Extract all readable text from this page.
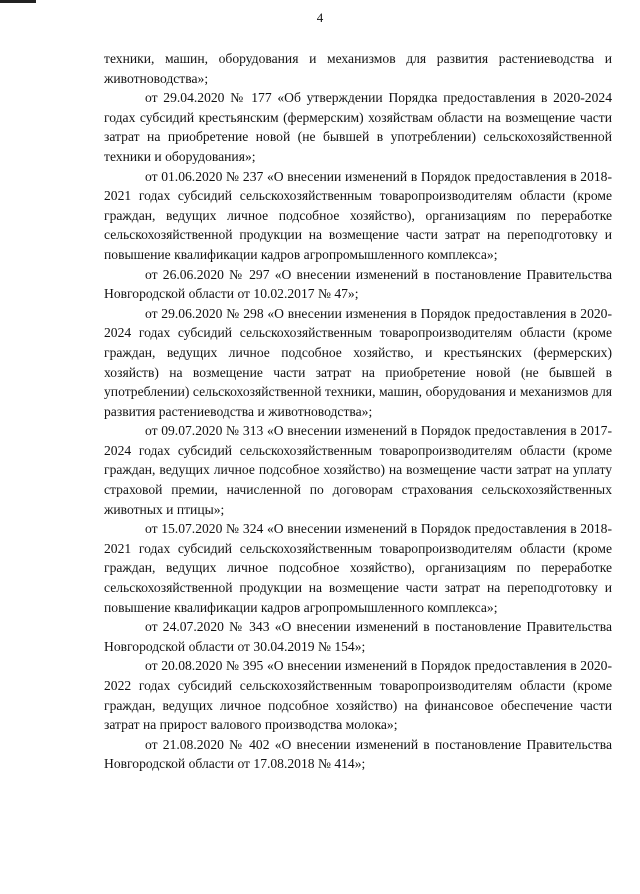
4

техники, машин, оборудования и механизмов для развития растениеводства и животноводства»;

от 29.04.2020 № 177 «Об утверждении Порядка предоставления в 2020-2024 годах субсидий крестьянским (фермерским) хозяйствам области на возмещение части затрат на приобретение новой (не бывшей в употреблении) сельскохозяйственной техники и оборудования»;

от 01.06.2020 № 237 «О внесении изменений в Порядок предоставления в 2018-2021 годах субсидий сельскохозяйственным товаропроизводителям области (кроме граждан, ведущих личное подсобное хозяйство), организациям по переработке сельскохозяйственной продукции на возмещение части затрат на переподготовку и повышение квалификации кадров агропромышленного комплекса»;

от 26.06.2020 № 297 «О внесении изменений в постановление Правительства Новгородской области от 10.02.2017 № 47»;

от 29.06.2020 № 298 «О внесении изменения в Порядок предоставления в 2020-2024 годах субсидий сельскохозяйственным товаропроизводителям области (кроме граждан, ведущих личное подсобное хозяйство, и крестьянских (фермерских) хозяйств) на возмещение части затрат на приобретение новой (не бывшей в употреблении) сельскохозяйственной техники, машин, оборудования и механизмов для развития растениеводства и животноводства»;

от 09.07.2020 № 313 «О внесении изменений в Порядок предоставления в 2017-2024 годах субсидий сельскохозяйственным товаропроизводителям области (кроме граждан, ведущих личное подсобное хозяйство) на возмещение части затрат на уплату страховой премии, начисленной по договорам страхования сельскохозяйственных животных и птицы»;

от 15.07.2020 № 324 «О внесении изменений в Порядок предоставления в 2018-2021 годах субсидий сельскохозяйственным товаропроизводителям области (кроме граждан, ведущих личное подсобное хозяйство), организациям по переработке сельскохозяйственной продукции на возмещение части затрат на переподготовку и повышение квалификации кадров агропромышленного комплекса»;

от 24.07.2020 № 343 «О внесении изменений в постановление Правительства Новгородской области от 30.04.2019 № 154»;

от 20.08.2020 № 395 «О внесении изменений в Порядок предоставления в 2020-2022 годах субсидий сельскохозяйственным товаропроизводителям области (кроме граждан, ведущих личное подсобное хозяйство) на финансовое обеспечение части затрат на прирост валового производства молока»;

от 21.08.2020 № 402 «О внесении изменений в постановление Правительства Новгородской области от 17.08.2018 № 414»;
